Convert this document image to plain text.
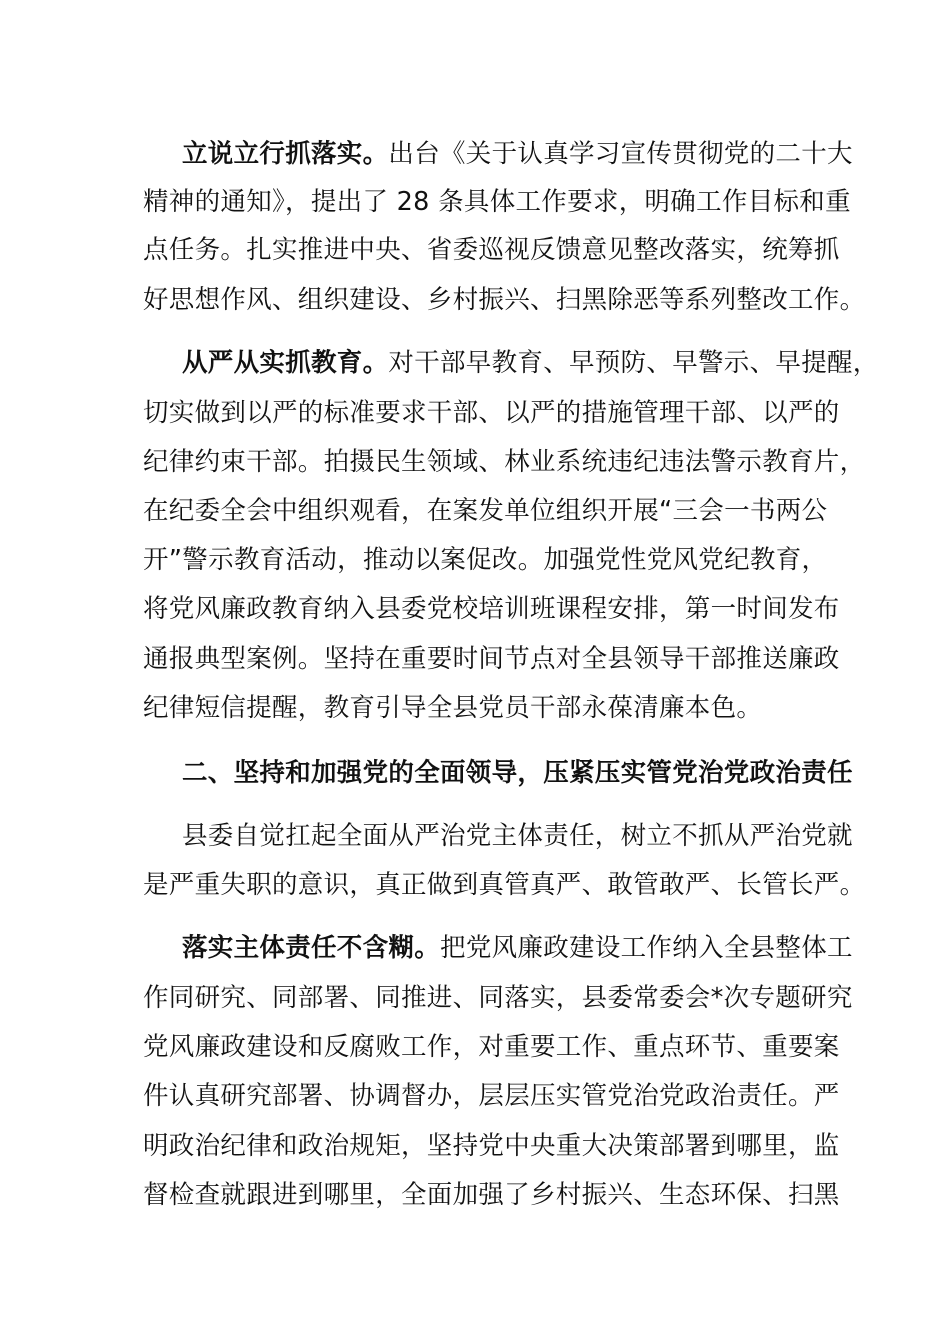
立说立行抓落实。出台《关于认真学习宣传贯彻党的二十大
精神的通知》，提出了 28 条具体工作要求，明确工作目标和重
点任务。扎实推进中央、省委巡视反馈意见整改落实，统筹抓
好思想作风、组织建设、乡村振兴、扫黑除恶等系列整改工作。
从严从实抓教育。对干部早教育、早预防、早警示、早提醒，
切实做到以严的标准要求干部、以严的措施管理干部、以严的
纪律约束干部。拍摄民生领域、林业系统违纪违法警示教育片，
在纪委全会中组织观看，在案发单位组织开展“三会一书两公
开”警示教育活动，推动以案促改。加强党性党风党纪教育，
将党风廉政教育纳入县委党校培训班课程安排，第一时间发布
通报典型案例。坚持在重要时间节点对全县领导干部推送廉政
纪律短信提醒，教育引导全县党员干部永葆清廉本色。
二、坚持和加强党的全面领导，压紧压实管党治党政治责任
县委自觉扛起全面从严治党主体责任，树立不抓从严治党就
是严重失职的意识，真正做到真管真严、敢管敢严、长管长严。
落实主体责任不含糊。把党风廉政建设工作纳入全县整体工
作同研究、同部署、同推进、同落实，县委常委会*次专题研究
党风廉政建设和反腐败工作，对重要工作、重点环节、重要案
件认真研究部署、协调督办，层层压实管党治党政治责任。严
明政治纪律和政治规矩，坚持党中央重大决策部署到哪里，监
督检查就跟进到哪里，全面加强了乡村振兴、生态环保、扫黑
